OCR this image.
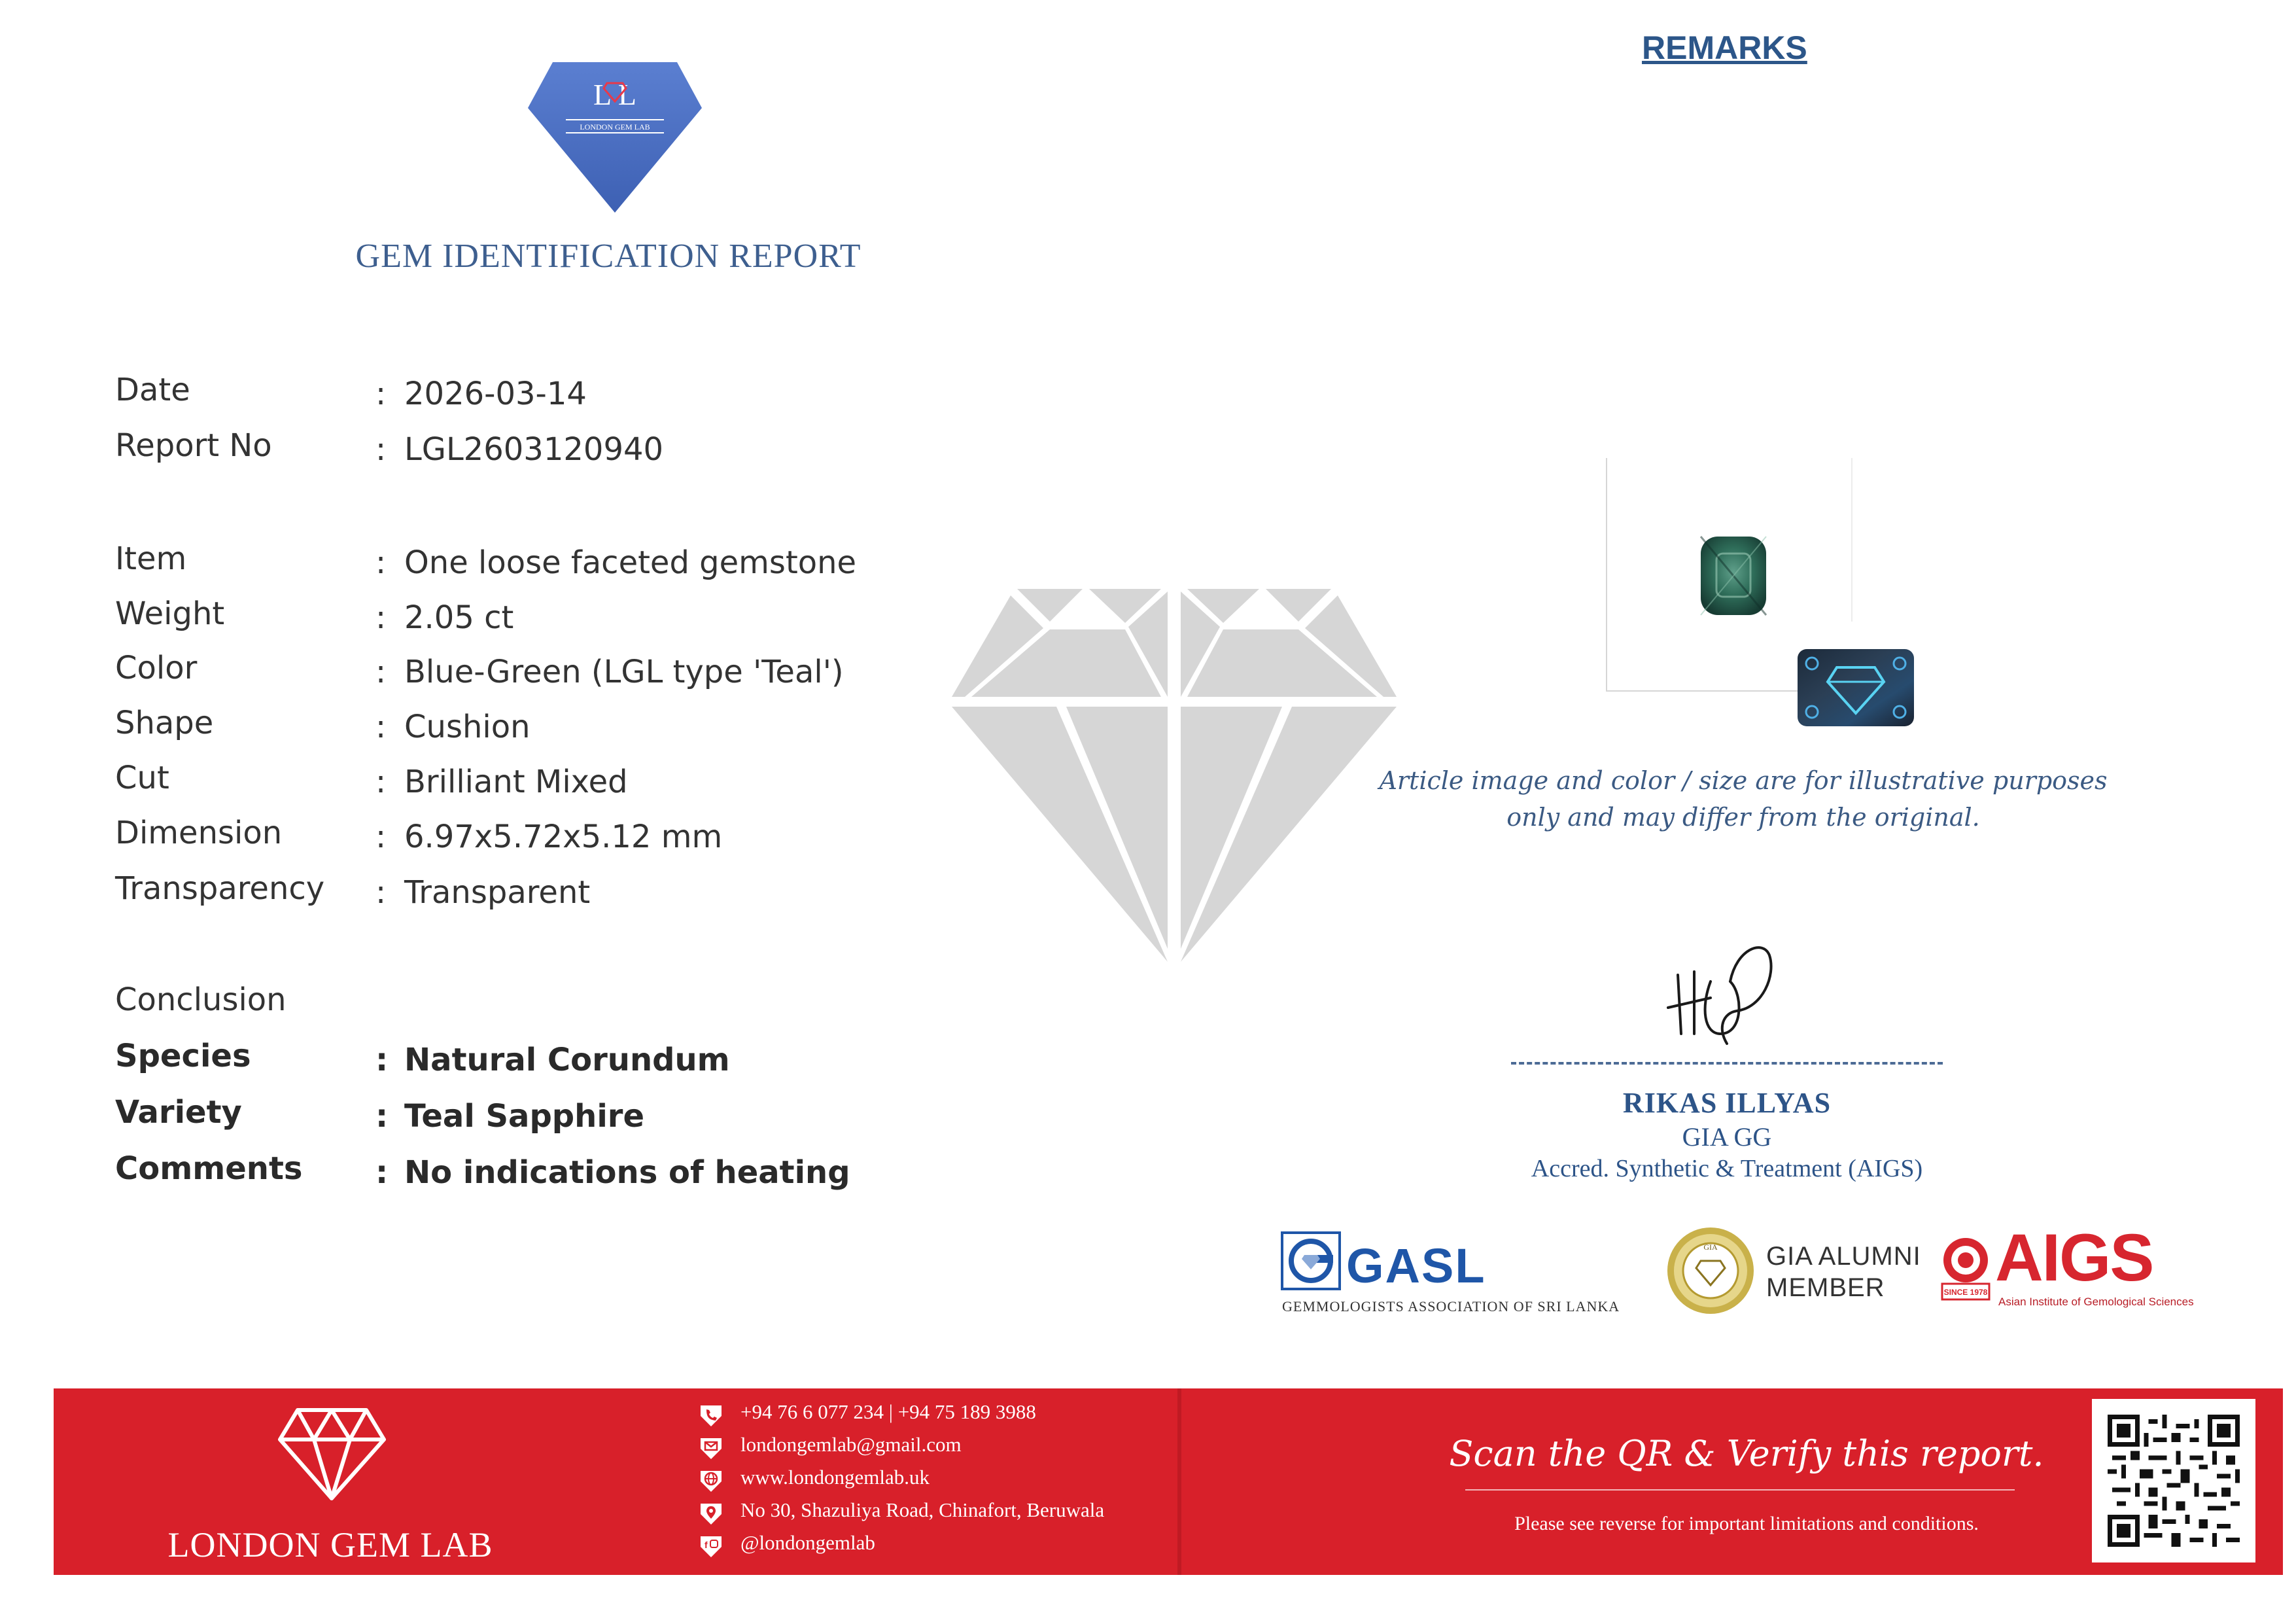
L L
LONDON GEM LAB
GEM IDENTIFICATION REPORT
REMARKS
Date	: 2026-03-14
Report No	: LGL2603120940
Item	: One loose faceted gemstone
Weight	: 2.05 ct
Color	: Blue-Green (LGL type 'Teal')
Shape	: Cushion
Cut	: Brilliant Mixed
Dimension	: 6.97x5.72x5.12 mm
Transparency : Transparent
Conclusion
Species	: Natural Corundum
Variety	: Teal Sapphire
Comments : No indications of heating
Article image and color / size are for illustrative purposes
only and may differ from the original.
RIKAS ILLYAS
GIA GG
Accred. Synthetic & Treatment (AIGS)
GASL
GEMMOLOGISTS ASSOCIATION OF SRI LANKA
GIA GIA ALUMNI
MEMBER	SINCE 1978 AIGS
Asian Institute of Gemological Sciences
LONDON GEM LAB
+94 76 6 077 234 | +94 75 189 3988
londongemlab@gmail.com
www.londongemlab.uk
No 30, Shazuliya Road, Chinafort, Beruwala
f @londongemlab
Scan the QR & Verify this report.
Please see reverse for important limitations and conditions.
